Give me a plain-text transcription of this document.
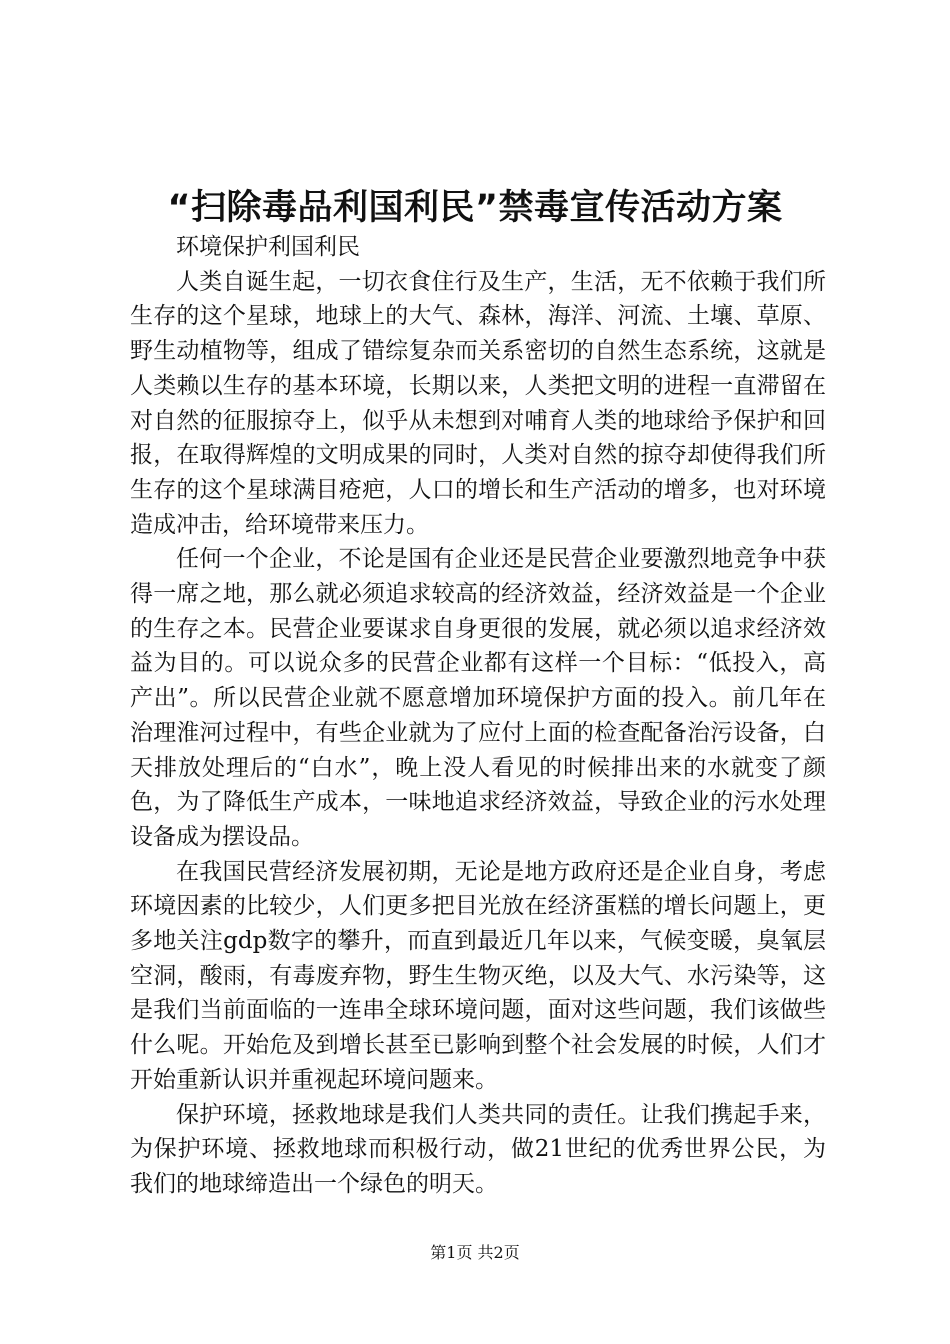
“扫除毒品利国利民”禁毒宣传活动方案

环境保护利国利民

人类自诞生起，一切衣食住行及生产，生活，无不依赖于我们所生存的这个星球，地球上的大气、森林，海洋、河流、土壤、草原、野生动植物等，组成了错综复杂而关系密切的自然生态系统，这就是人类赖以生存的基本环境，长期以来，人类把文明的进程一直滞留在对自然的征服掠夺上，似乎从未想到对哺育人类的地球给予保护和回报，在取得辉煌的文明成果的同时，人类对自然的掠夺却使得我们所生存的这个星球满目疮疤，人口的增长和生产活动的增多，也对环境造成冲击，给环境带来压力。

任何一个企业，不论是国有企业还是民营企业要激烈地竞争中获得一席之地，那么就必须追求较高的经济效益，经济效益是一个企业的生存之本。民营企业要谋求自身更很的发展，就必须以追求经济效益为目的。可以说众多的民营企业都有这样一个目标：“低投入，高产出”。所以民营企业就不愿意增加环境保护方面的投入。前几年在治理淮河过程中，有些企业就为了应付上面的检查配备治污设备，白天排放处理后的“白水”，晚上没人看见的时候排出来的水就变了颜色，为了降低生产成本，一味地追求经济效益，导致企业的污水处理设备成为摆设品。

在我国民营经济发展初期，无论是地方政府还是企业自身，考虑环境因素的比较少，人们更多把目光放在经济蛋糕的增长问题上，更多地关注gdp数字的攀升，而直到最近几年以来，气候变暖，臭氧层空洞，酸雨，有毒废弃物，野生生物灭绝，以及大气、水污染等，这是我们当前面临的一连串全球环境问题，面对这些问题，我们该做些什么呢。开始危及到增长甚至已影响到整个社会发展的时候，人们才开始重新认识并重视起环境问题来。

保护环境，拯救地球是我们人类共同的责任。让我们携起手来，为保护环境、拯救地球而积极行动，做21世纪的优秀世界公民，为我们的地球缔造出一个绿色的明天。

第1页 共2页
